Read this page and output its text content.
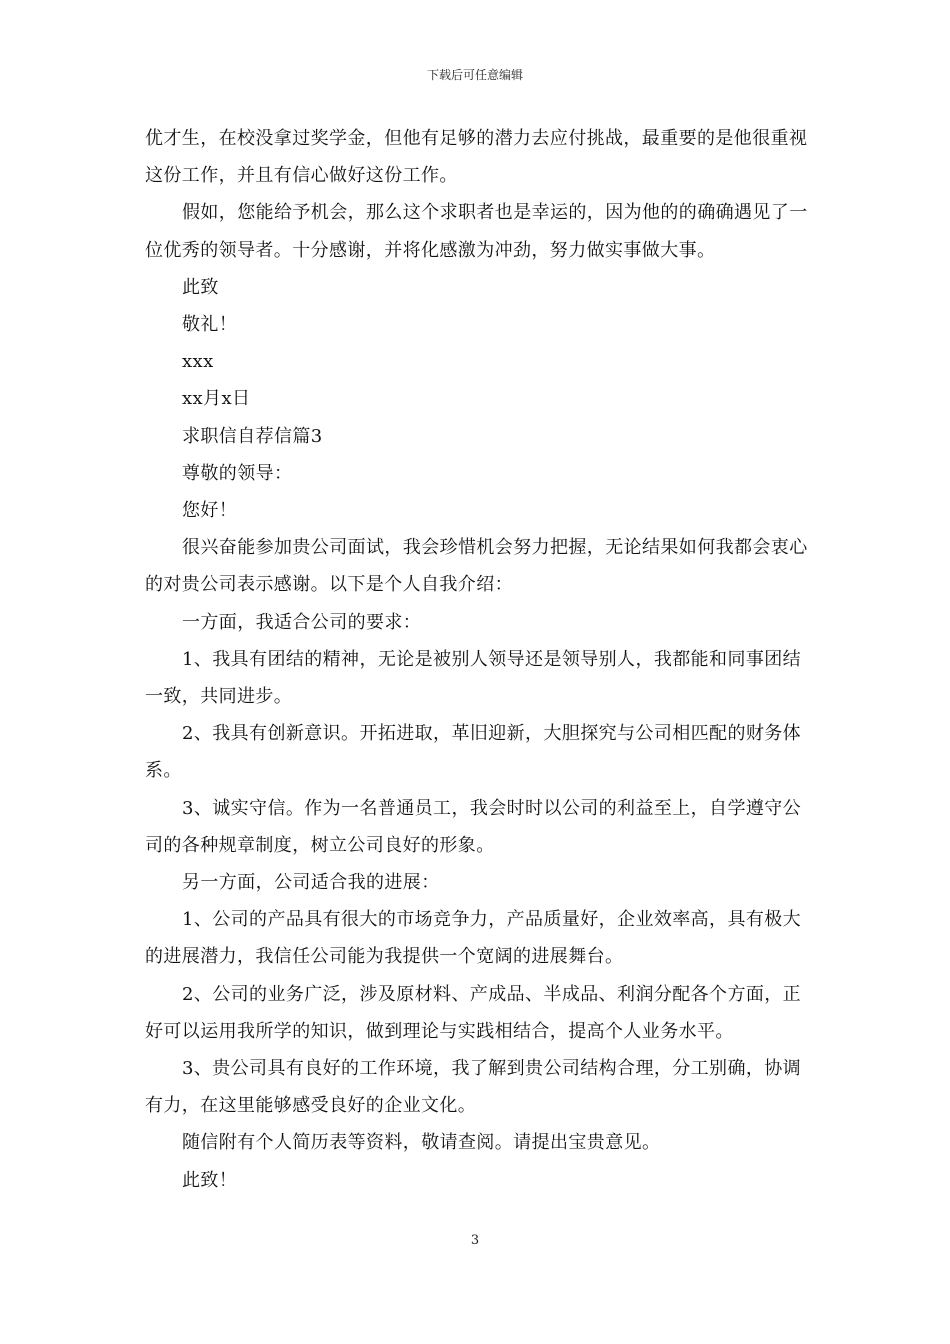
下载后可任意编辑

优才生，在校没拿过奖学金，但他有足够的潜力去应付挑战，最重要的是他很重视这份工作，并且有信心做好这份工作。

假如，您能给予机会，那么这个求职者也是幸运的，因为他的的确确遇见了一位优秀的领导者。十分感谢，并将化感激为冲劲，努力做实事做大事。

此致

敬礼！

xxx

xx月x日

求职信自荐信篇3

尊敬的领导：

您好！

很兴奋能参加贵公司面试，我会珍惜机会努力把握，无论结果如何我都会衷心的对贵公司表示感谢。以下是个人自我介绍：

一方面，我适合公司的要求：

1、我具有团结的精神，无论是被别人领导还是领导别人，我都能和同事团结一致，共同进步。

2、我具有创新意识。开拓进取，革旧迎新，大胆探究与公司相匹配的财务体系。

3、诚实守信。作为一名普通员工，我会时时以公司的利益至上，自学遵守公司的各种规章制度，树立公司良好的形象。

另一方面，公司适合我的进展：

1、公司的产品具有很大的市场竞争力，产品质量好，企业效率高，具有极大的进展潜力，我信任公司能为我提供一个宽阔的进展舞台。

2、公司的业务广泛，涉及原材料、产成品、半成品、利润分配各个方面，正好可以运用我所学的知识，做到理论与实践相结合，提高个人业务水平。

3、贵公司具有良好的工作环境，我了解到贵公司结构合理，分工别确，协调有力，在这里能够感受良好的企业文化。

随信附有个人简历表等资料，敬请查阅。请提出宝贵意见。

此致！

3
